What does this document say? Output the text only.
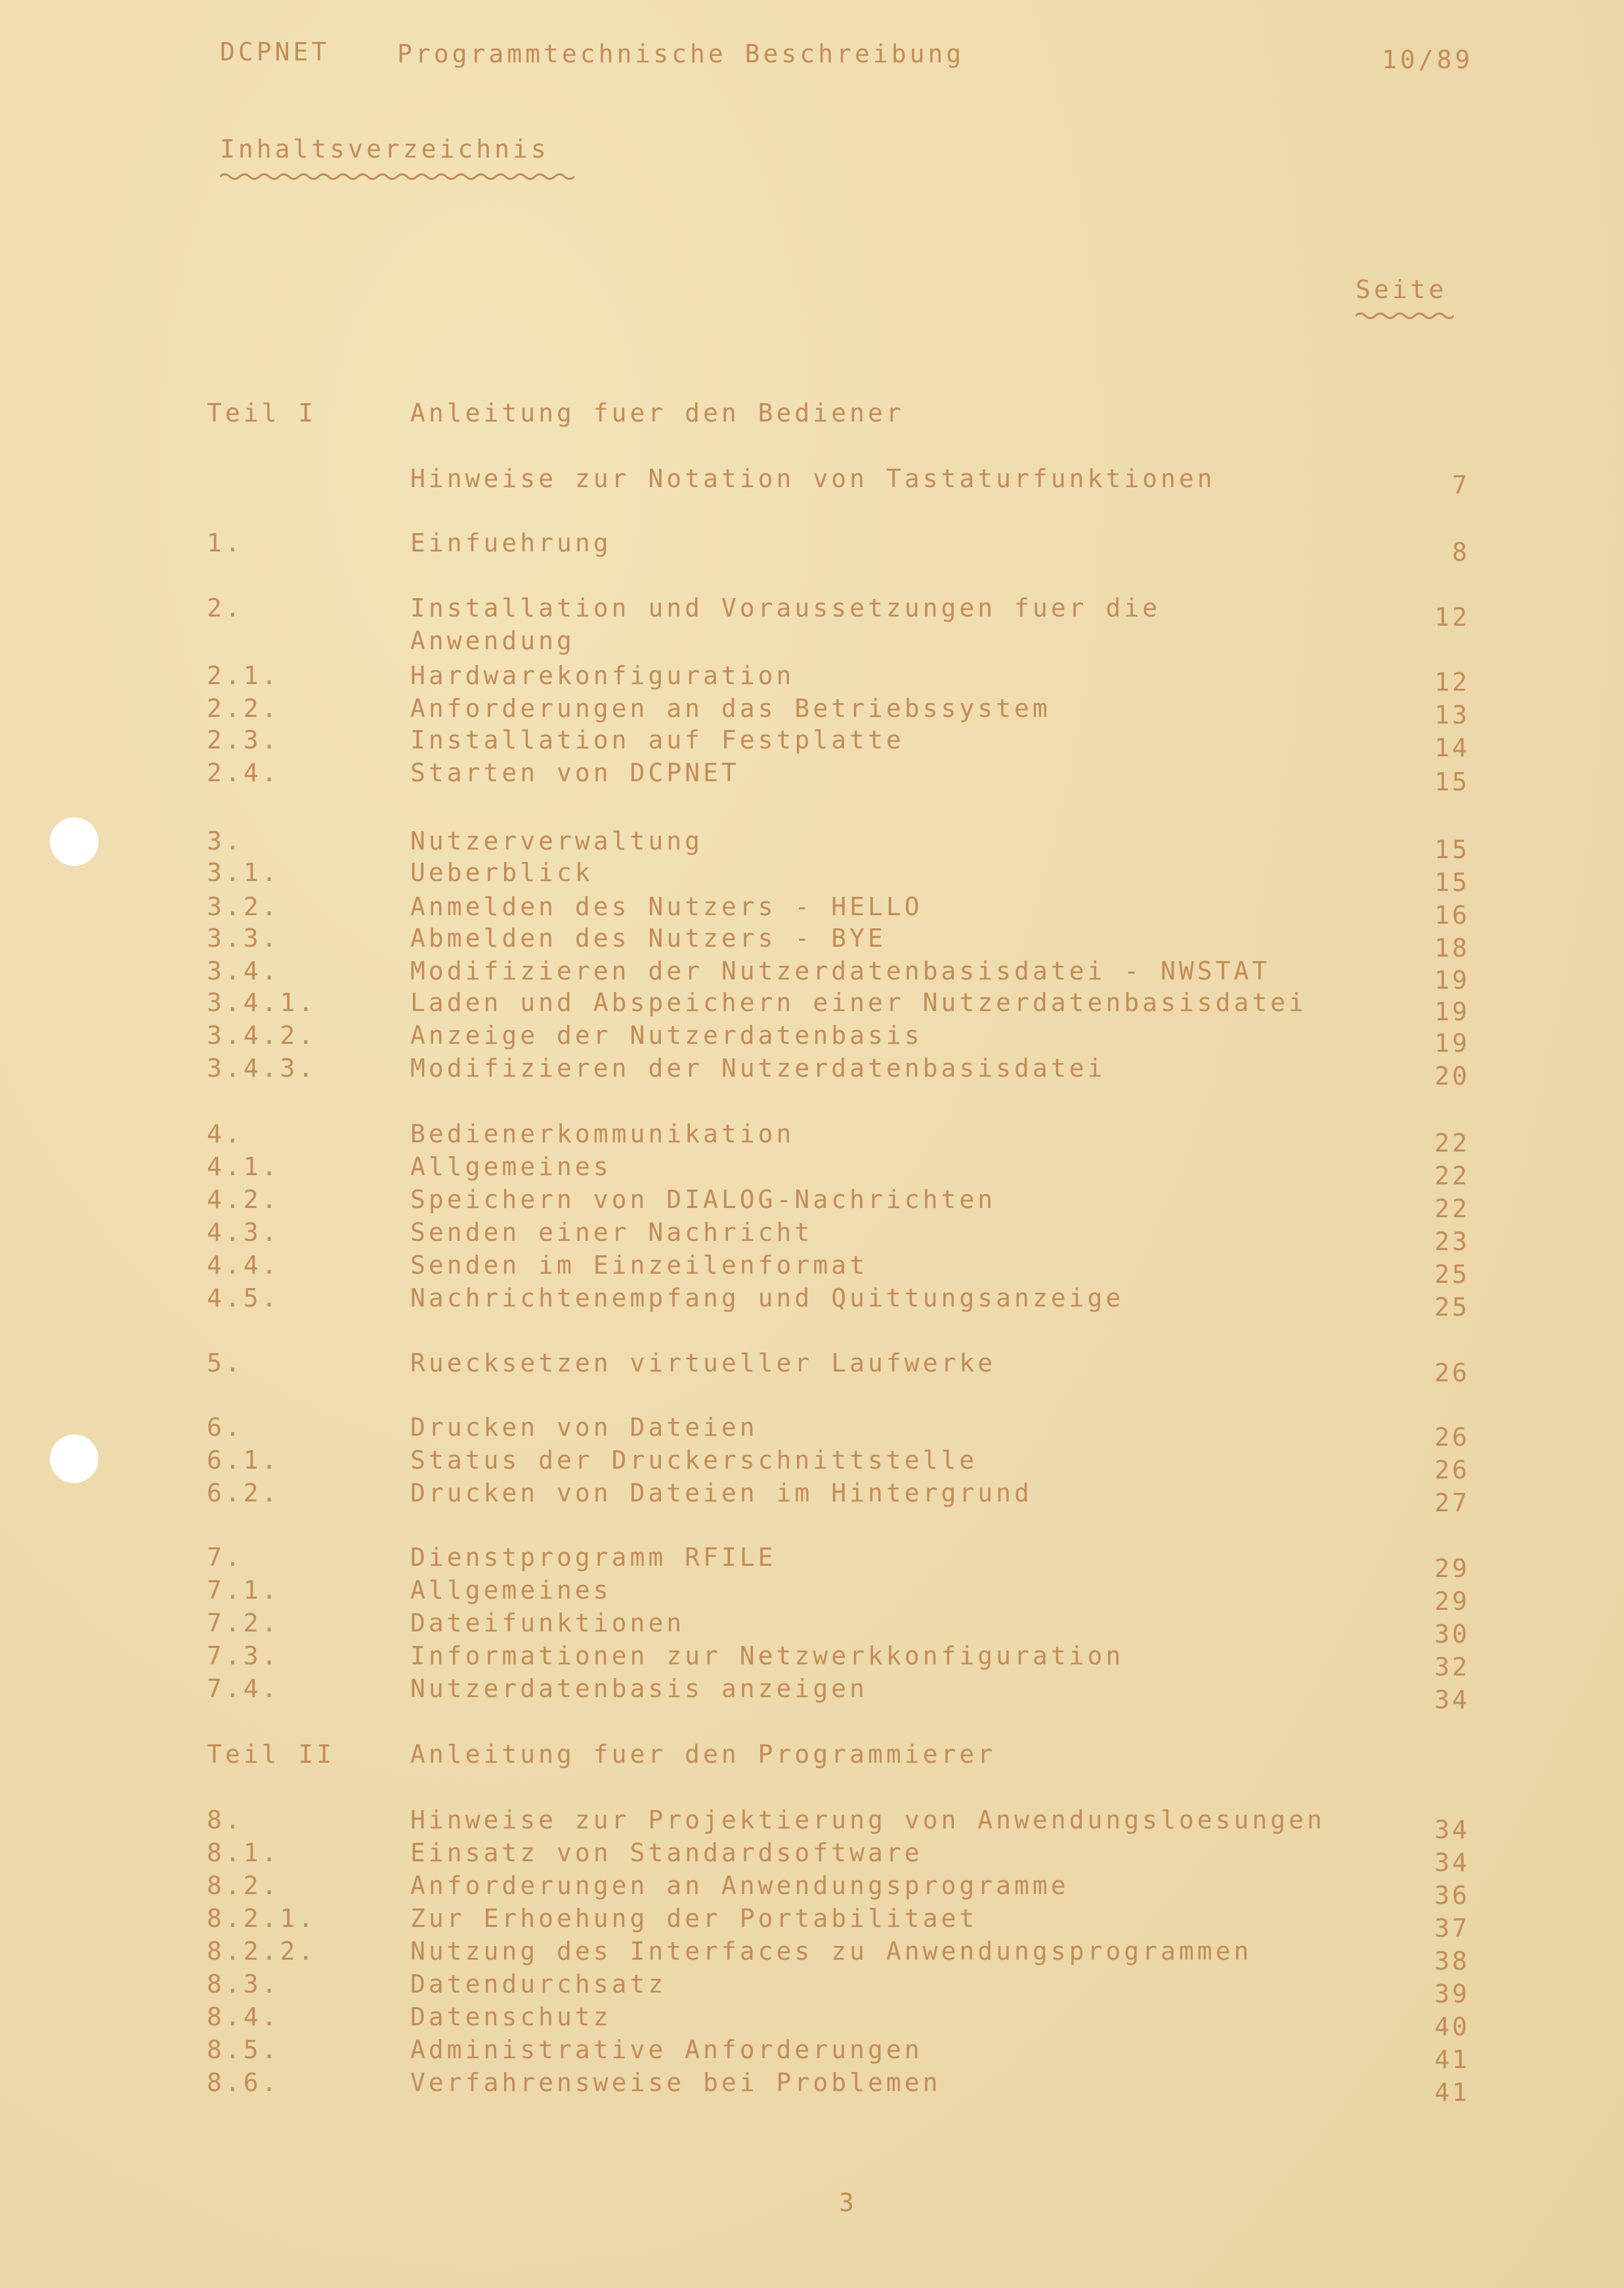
DCPNET	Programmtechnische Beschreibung	10/89
Inhaltsverzeichnis
Seite
Teil I	Anleitung fuer den Bediener
Hinweise zur Notation von Tastaturfunktionen	7
1.	Einfuehrung	8
2.	Installation und Voraussetzungen fuer die	12
Anwendung
2.1.	Hardwarekonfiguration	12
2.2.	Anforderungen an das Betriebssystem	13
2.3.	Installation auf Festplatte	14
2.4.	Starten von DCPNET	15
3.	Nutzerverwaltung	15
3.1.	Ueberblick	15
3.2.	Anmelden des Nutzers - HELLO	16
3.3.	Abmelden des Nutzers - BYE	18
3.4.	Modifizieren der Nutzerdatenbasisdatei - NWSTAT	19
3.4.1.	Laden und Abspeichern einer Nutzerdatenbasisdatei	19
3.4.2.	Anzeige der Nutzerdatenbasis	19
3.4.3.	Modifizieren der Nutzerdatenbasisdatei	20
4.	Bedienerkommunikation	22
4.1.	Allgemeines	22
4.2.	Speichern von DIALOG-Nachrichten	22
4.3.	Senden einer Nachricht	23
4.4.	Senden im Einzeilenformat	25
4.5.	Nachrichtenempfang und Quittungsanzeige	25
5.	Ruecksetzen virtueller Laufwerke	26
6.	Drucken von Dateien	26
6.1.	Status der Druckerschnittstelle	26
6.2.	Drucken von Dateien im Hintergrund	27
7.	Dienstprogramm RFILE	29
7.1.	Allgemeines	29
7.2.	Dateifunktionen	30
7.3.	Informationen zur Netzwerkkonfiguration	32
7.4.	Nutzerdatenbasis anzeigen	34
Teil II	Anleitung fuer den Programmierer
8.	Hinweise zur Projektierung von Anwendungsloesungen	34
8.1.	Einsatz von Standardsoftware	34
8.2.	Anforderungen an Anwendungsprogramme	36
8.2.1.	Zur Erhoehung der Portabilitaet	37
8.2.2.	Nutzung des Interfaces zu Anwendungsprogrammen	38
8.3.	Datendurchsatz	39
8.4.	Datenschutz	40
8.5.	Administrative Anforderungen	41
8.6.	Verfahrensweise bei Problemen	41
3
